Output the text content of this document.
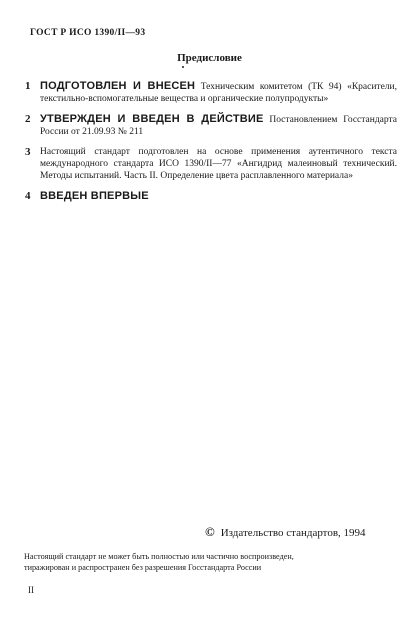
ГОСТ Р ИСО 1390/II—93
Предисловие
1 ПОДГОТОВЛЕН И ВНЕСЕН Техническим комитетом (ТК 94) «Красители, текстильно-вспомогательные вещества и органические полупродукты»
2 УТВЕРЖДЕН И ВВЕДЕН В ДЕЙСТВИЕ Постановлением Госстандарта России от 21.09.93 № 211
3 Настоящий стандарт подготовлен на основе применения аутентичного текста международного стандарта ИСО 1390/II—77 «Ангидрид малеиновый технический. Методы испытаний. Часть II. Определение цвета расплавленного материала»
4 ВВЕДЕН ВПЕРВЫЕ
© Издательство стандартов, 1994
Настоящий стандарт не может быть полностью или частично воспроизведен,
тиражирован и распространен без разрешения Госстандарта России
II
